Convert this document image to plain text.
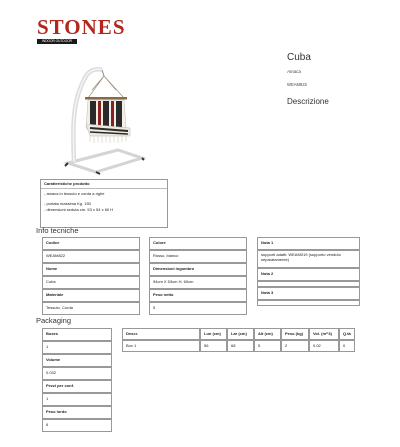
STONES
INDOOR OUTDOOR
Cuba
Amaca
WEAM822
Descrizione
Caratteristiche prodotto
- amaca in tessuto e corda a righe

- portata massima Kg. 150
- dimensioni seduta cm. 53 x 54 x 60 H
Info tecniche
Codice
WEAM822
Nome
Cuba
Materiale
Tessuto, Corda
Colore
Rosso, bianco
Dimensioni ingombro
94cm X 53cm H. 60cm
Peso netto
5
Nota 1
supporti adatti: WEAM019 (supporto venduto separatamente)
Nota 2
Nota 3
Packaging
Boxes
1
Volume
0.032
Pezzi per conf.
1
Peso lordo
6
Descr.	Lun (cm)	Lar (cm)	Alt (cm)	Peso (kg)	Vol. (m^3)	Q.tà
Box 1	56	68	5	2	0.02	0
